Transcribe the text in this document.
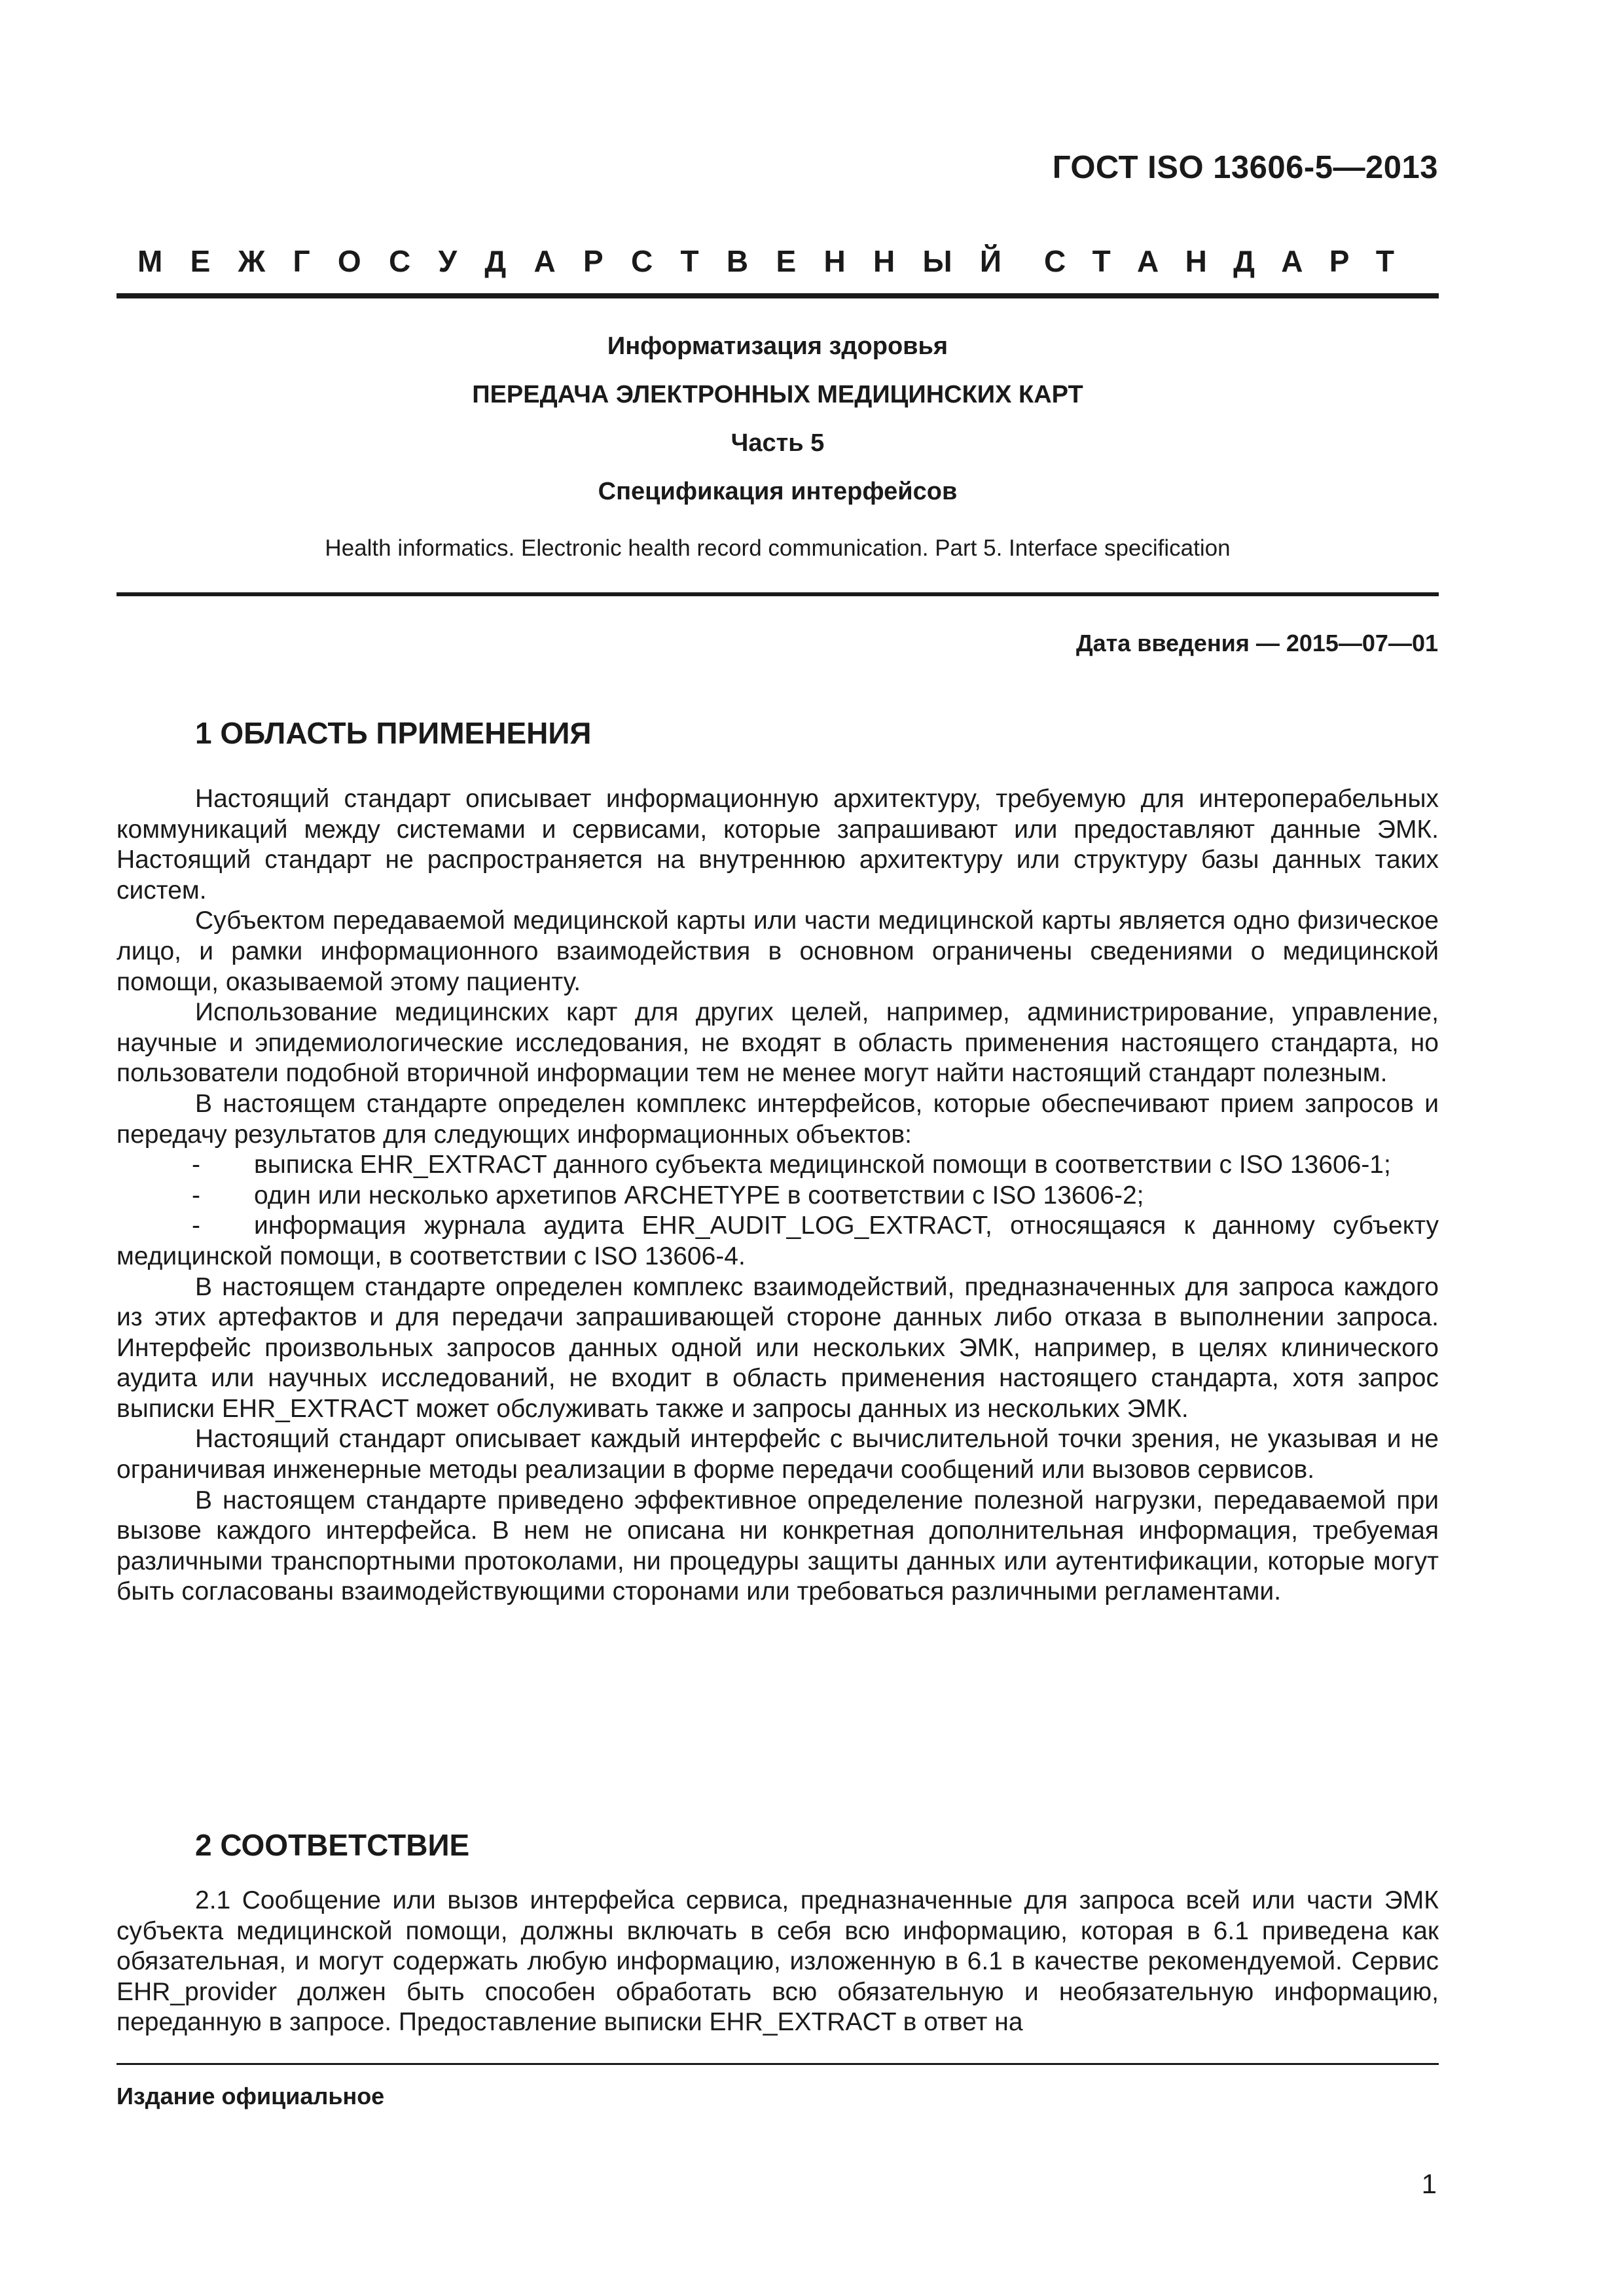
ГОСТ ISO 13606-5—2013
М Е Ж Г О С У Д А Р С Т В Е Н Н Ы Й С Т А Н Д А Р Т
Информатизация здоровья
ПЕРЕДАЧА ЭЛЕКТРОННЫХ МЕДИЦИНСКИХ КАРТ
Часть 5
Спецификация интерфейсов
Health informatics. Electronic health record communication. Part 5. Interface specification
Дата введения — 2015—07—01
1 ОБЛАСТЬ ПРИМЕНЕНИЯ

Настоящий стандарт описывает информационную архитектуру, требуемую для интероперабельных коммуникаций между системами и сервисами, которые запрашивают или предоставляют данные ЭМК. Настоящий стандарт не распространяется на внутреннюю архитектуру или структуру базы данных таких систем.

Субъектом передаваемой медицинской карты или части медицинской карты является одно физическое лицо, и рамки информационного взаимодействия в основном ограничены сведениями о медицинской помощи, оказываемой этому пациенту.

Использование медицинских карт для других целей, например, администрирование, управление, научные и эпидемиологические исследования, не входят в область применения настоящего стандарта, но пользователи подобной вторичной информации тем не менее могут найти настоящий стандарт полезным.

В настоящем стандарте определен комплекс интерфейсов, которые обеспечивают прием запросов и передачу результатов для следующих информационных объектов:

- выписка EHR_EXTRACT данного субъекта медицинской помощи в соответствии с ISO 13606-1;

- один или несколько архетипов ARCHETYPE в соответствии с ISO 13606-2;

- информация журнала аудита EHR_AUDIT_LOG_EXTRACT, относящаяся к данному субъекту медицинской помощи, в соответствии с ISO 13606-4.

В настоящем стандарте определен комплекс взаимодействий, предназначенных для запроса каждого из этих артефактов и для передачи запрашивающей стороне данных либо отказа в выполнении запроса. Интерфейс произвольных запросов данных одной или нескольких ЭМК, например, в целях клинического аудита или научных исследований, не входит в область применения настоящего стандарта, хотя запрос выписки EHR_EXTRACT может обслуживать также и запросы данных из нескольких ЭМК.

Настоящий стандарт описывает каждый интерфейс с вычислительной точки зрения, не указывая и не ограничивая инженерные методы реализации в форме передачи сообщений или вызовов сервисов.

В настоящем стандарте приведено эффективное определение полезной нагрузки, передаваемой при вызове каждого интерфейса. В нем не описана ни конкретная дополнительная информация, требуемая различными транспортными протоколами, ни процедуры защиты данных или аутентификации, которые могут быть согласованы взаимодействующими сторонами или требоваться различными регламентами.

2 СООТВЕТСТВИЕ

2.1 Сообщение или вызов интерфейса сервиса, предназначенные для запроса всей или части ЭМК субъекта медицинской помощи, должны включать в себя всю информацию, которая в 6.1 приведена как обязательная, и могут содержать любую информацию, изложенную в 6.1 в качестве рекомендуемой. Сервис EHR_provider должен быть способен обработать всю обязательную и необязательную информацию, переданную в запросе. Предоставление выписки EHR_EXTRACT в ответ на

Издание официальное
1
